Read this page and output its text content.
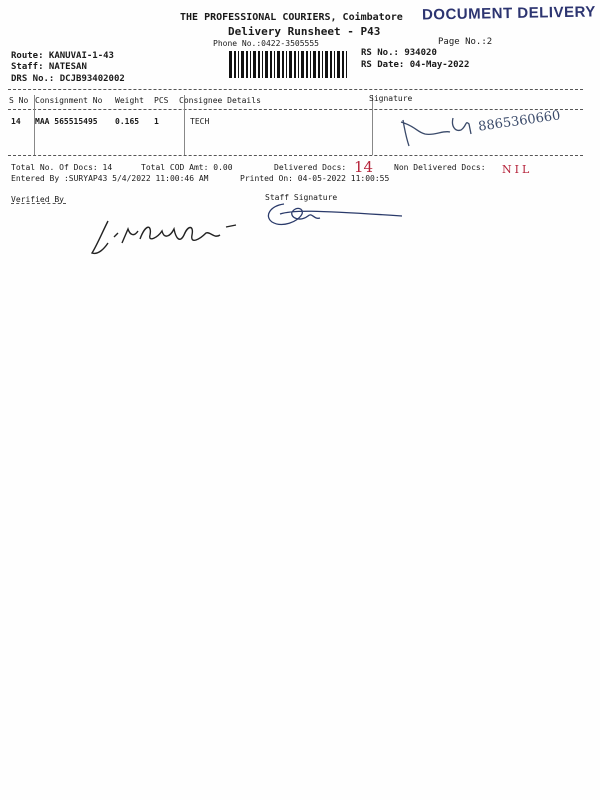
THE PROFESSIONAL COURIERS, Coimbatore DOCUMENT DELIVERY
Delivery Runsheet - P43
Phone No.:0422-3505555	Page No.:2
Route: KANUVAI-1-43
Staff: NATESAN
DRS No.: DCJB93402002
RS No.: 934020
RS Date: 04-May-2022
S No Consignment No Weight PCS Consignee Details	Signature
14 MAA 565515495 0.165 1	TECH	8865360660
Total No. Of Docs: 14	Total COD Amt: 0.00	Delivered Docs: 14	Non Delivered Docs: NIL
Entered By :SURYAP43 5/4/2022 11:00:46 AM	Printed On: 04-05-2022 11:00:55
Verified By	Staff Signature
